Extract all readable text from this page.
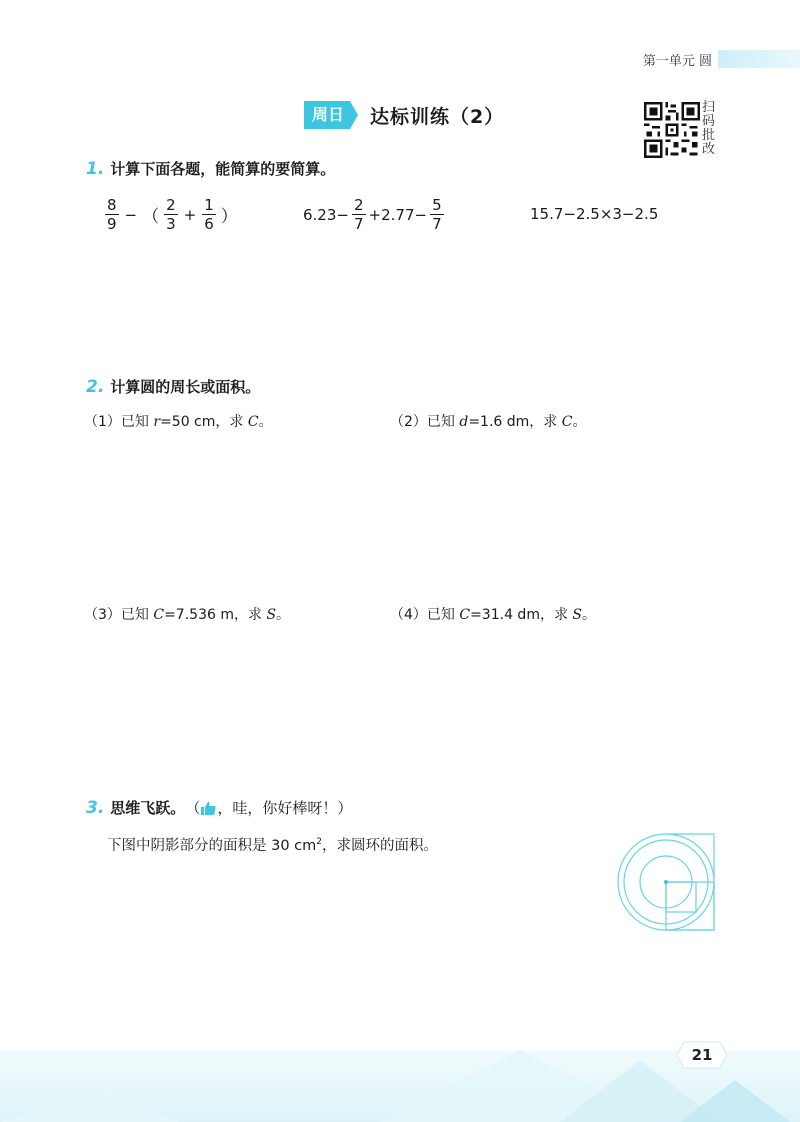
第一单元 圆
周日	达标训练（2）	扫
码
批
改
1. 计算下面各题，能简算的要简算。
$\frac{8}{9}$ − （ $\frac{2}{3} + \frac{1}{6}$ ）	$6.23- \frac{2}{7} +2.77- \frac{5}{7}$	15.7−2.5×3−2.5
2. 计算圆的周长或面积。
（1）已知 r=50 cm，求 C。	（2）已知 d=1.6 dm，求 C。
（3）已知 C=7.536 m，求 S。	（4）已知 C=31.4 dm，求 S。
3. 思维飞跃。 （ ，哇，你好棒呀！）
下图中阴影部分的面积是 30 $cm^2$，求圆环的面积。
21
